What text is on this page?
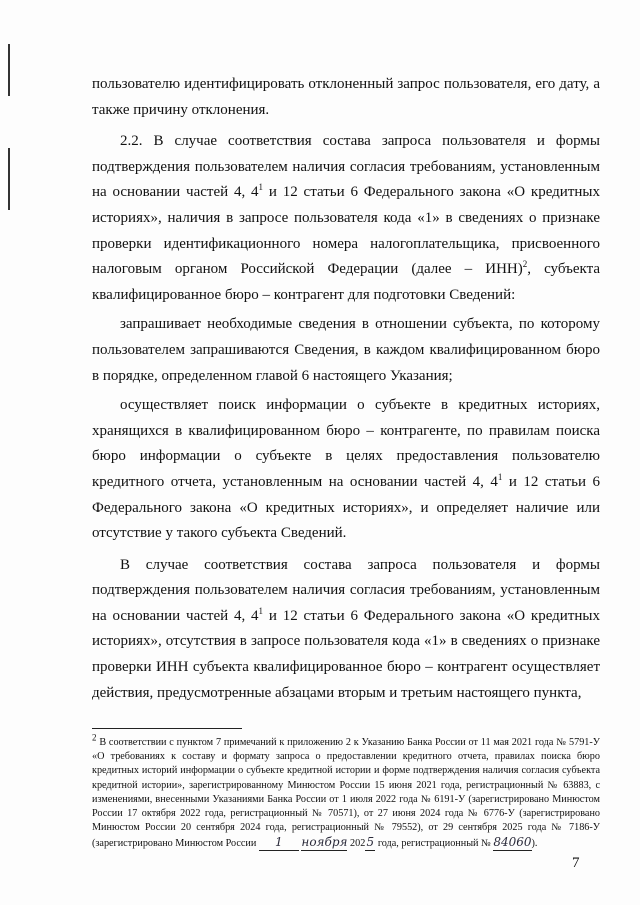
пользователю идентифицировать отклоненный запрос пользователя, его дату, а также причину отклонения.

2.2. В случае соответствия состава запроса пользователя и формы подтверждения пользователем наличия согласия требованиям, установленным на основании частей 4, $4^1$ и 12 статьи 6 Федерального закона «О кредитных историях», наличия в запросе пользователя кода «1» в сведениях о признаке проверки идентификационного номера налогоплательщика, присвоенного налоговым органом Российской Федерации (далее – ИНН)$^2$, субъекта квалифицированное бюро – контрагент для подготовки Сведений:

запрашивает необходимые сведения в отношении субъекта, по которому пользователем запрашиваются Сведения, в каждом квалифицированном бюро в порядке, определенном главой 6 настоящего Указания;

осуществляет поиск информации о субъекте в кредитных историях, хранящихся в квалифицированном бюро – контрагенте, по правилам поиска бюро информации о субъекте в целях предоставления пользователю кредитного отчета, установленным на основании частей 4, $4^1$ и 12 статьи 6 Федерального закона «О кредитных историях», и определяет наличие или отсутствие у такого субъекта Сведений.

В случае соответствия состава запроса пользователя и формы подтверждения пользователем наличия согласия требованиям, установленным на основании частей 4, $4^1$ и 12 статьи 6 Федерального закона «О кредитных историях», отсутствия в запросе пользователя кода «1» в сведениях о признаке проверки ИНН субъекта квалифицированное бюро – контрагент осуществляет действия, предусмотренные абзацами вторым и третьим настоящего пункта,

$^2$ В соответствии с пунктом 7 примечаний к приложению 2 к Указанию Банка России от 11 мая 2021 года № 5791-У «О требованиях к составу и формату запроса о предоставлении кредитного отчета, правилах поиска бюро кредитных историй информации о субъекте кредитной истории и форме подтверждения наличия согласия субъекта кредитной истории», зарегистрированному Минюстом России 15 июня 2021 года, регистрационный № 63883, с изменениями, внесенными Указаниями Банка России от 1 июля 2022 года № 6191-У (зарегистрировано Минюстом России 17 октября 2022 года, регистрационный № 70571), от 27 июня 2024 года № 6776-У (зарегистрировано Минюстом России 20 сентября 2024 года, регистрационный № 79552), от 29 сентября 2025 года № 7186-У (зарегистрировано Минюстом России 1 ноября 2025 года, регистрационный № 84060).
7
